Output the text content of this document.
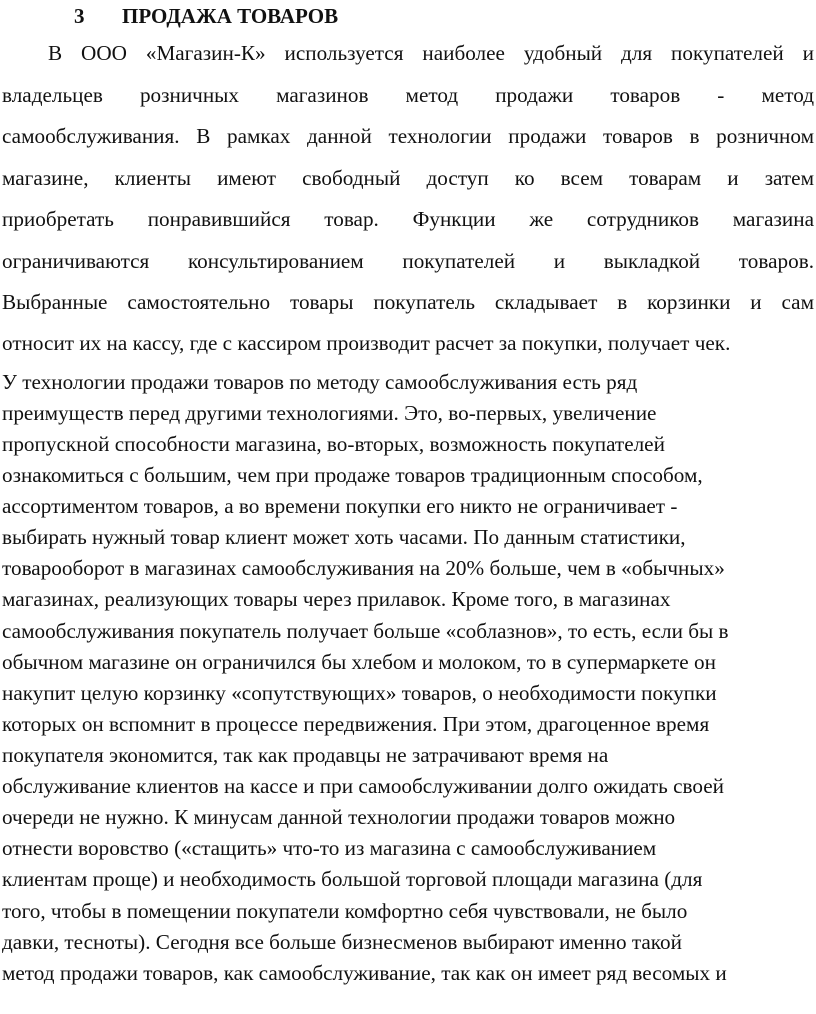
3 ПРОДАЖА ТОВАРОВ
В ООО «Магазин-К» используется наиболее удобный для покупателей и
владельцев розничных магазинов метод продажи товаров - метод
самообслуживания. В рамках данной технологии продажи товаров в розничном
магазине, клиенты имеют свободный доступ ко всем товарам и затем
приобретать понравившийся товар. Функции же сотрудников магазина
ограничиваются консультированием покупателей и выкладкой товаров.
Выбранные самостоятельно товары покупатель складывает в корзинки и сам
относит их на кассу, где с кассиром производит расчет за покупки, получает чек.
У технологии продажи товаров по методу самообслуживания есть ряд
преимуществ перед другими технологиями. Это, во-первых, увеличение
пропускной способности магазина, во-вторых, возможность покупателей
ознакомиться с большим, чем при продаже товаров традиционным способом,
ассортиментом товаров, а во времени покупки его никто не ограничивает -
выбирать нужный товар клиент может хоть часами. По данным статистики,
товарооборот в магазинах самообслуживания на 20% больше, чем в «обычных»
магазинах, реализующих товары через прилавок. Кроме того, в магазинах
самообслуживания покупатель получает больше «соблазнов», то есть, если бы в
обычном магазине он ограничился бы хлебом и молоком, то в супермаркете он
накупит целую корзинку «сопутствующих» товаров, о необходимости покупки
которых он вспомнит в процессе передвижения. При этом, драгоценное время
покупателя экономится, так как продавцы не затрачивают время на
обслуживание клиентов на кассе и при самообслуживании долго ожидать своей
очереди не нужно. К минусам данной технологии продажи товаров можно
отнести воровство («стащить» что-то из магазина с самообслуживанием
клиентам проще) и необходимость большой торговой площади магазина (для
того, чтобы в помещении покупатели комфортно себя чувствовали, не было
давки, тесноты). Сегодня все больше бизнесменов выбирают именно такой
метод продажи товаров, как самообслуживание, так как он имеет ряд весомых и
